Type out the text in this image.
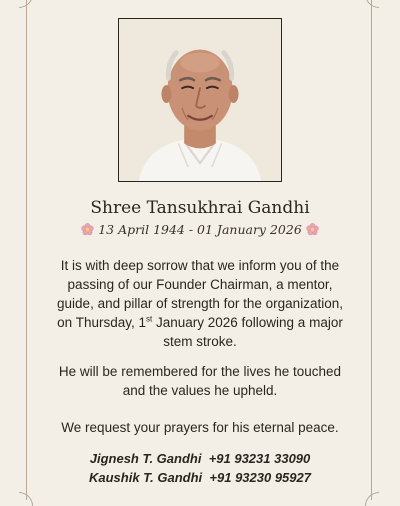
Shree Tansukhrai Gandhi
13 April 1944 - 01 January 2026

It is with deep sorrow that we inform you of the passing of our Founder Chairman, a mentor, guide, and pillar of strength for the organization, on Thursday, 1st January 2026 following a major stem stroke.

He will be remembered for the lives he touched and the values he upheld.

We request your prayers for his eternal peace.

Jignesh T. Gandhi +91 93231 33090
Kaushik T. Gandhi +91 93230 95927
